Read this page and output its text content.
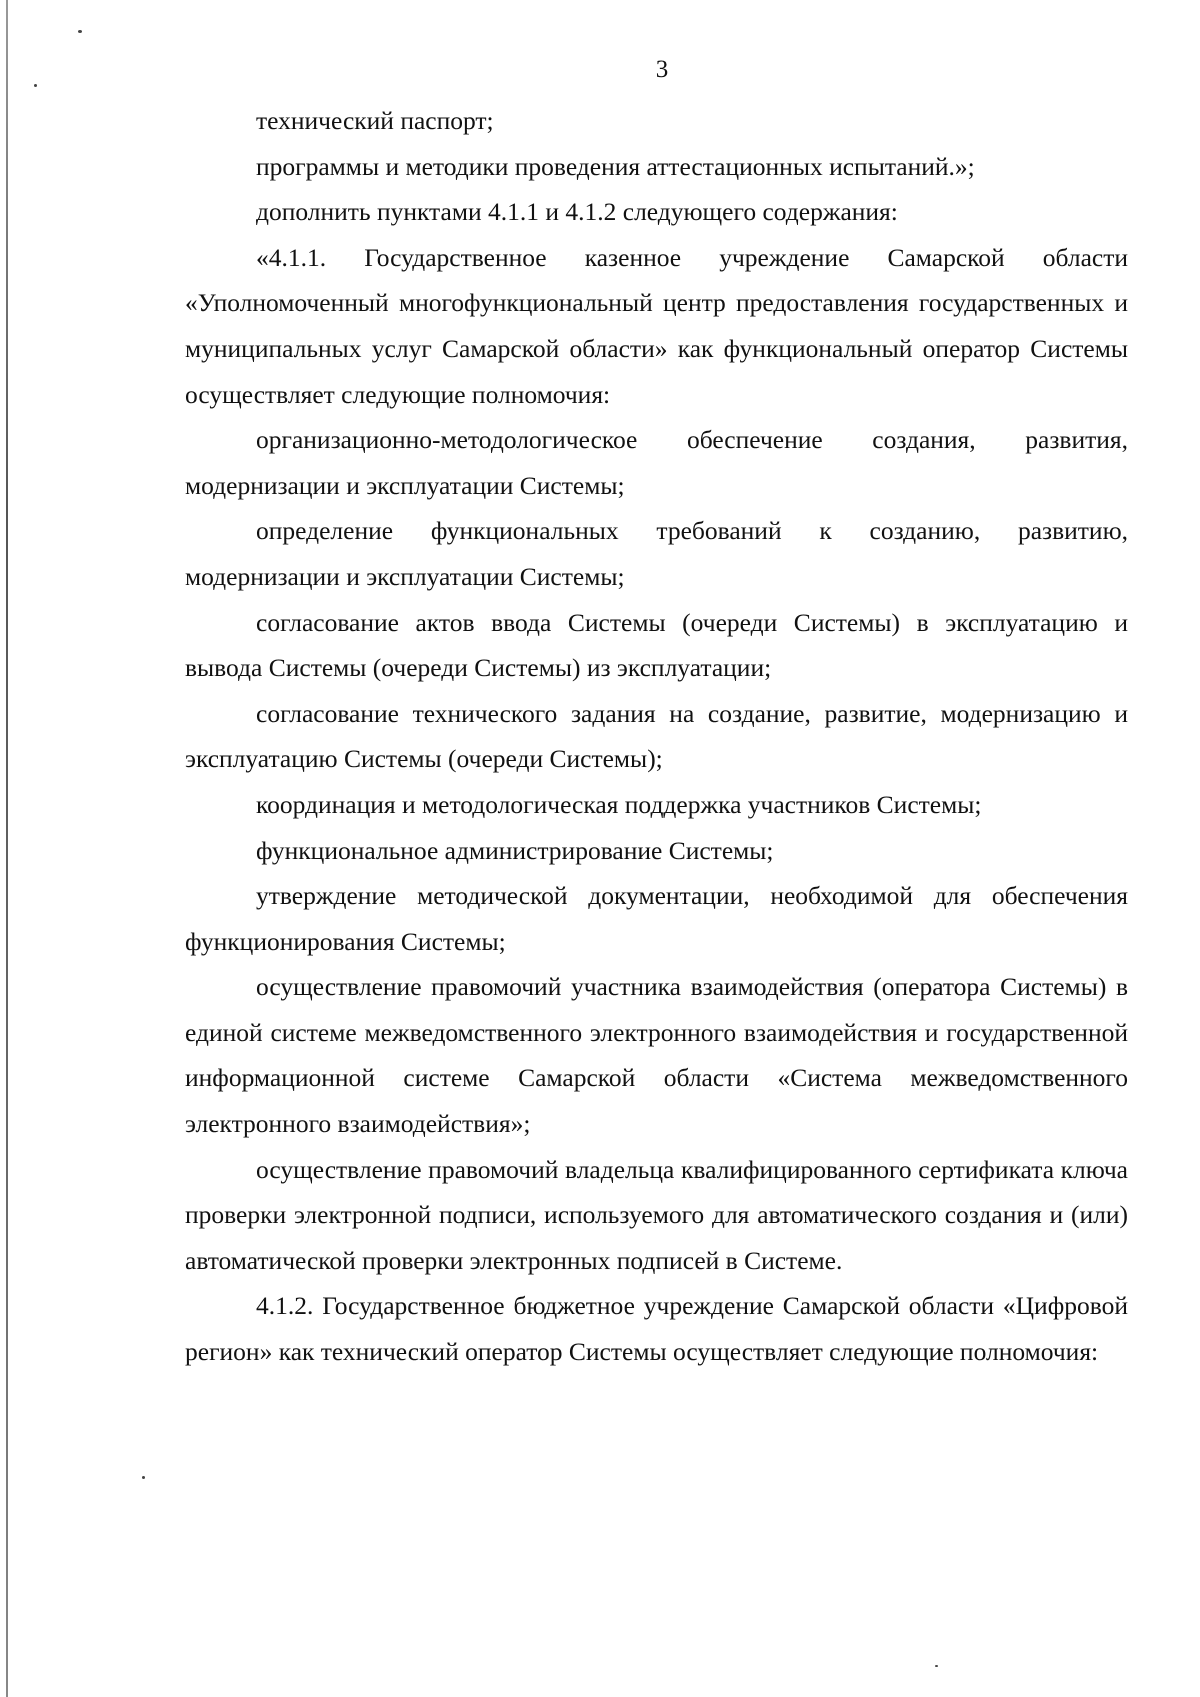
3

технический паспорт;

программы и методики проведения аттестационных испытаний.»;

дополнить пунктами 4.1.1 и 4.1.2 следующего содержания:

«4.1.1. Государственное казенное учреждение Самарской области «Уполномоченный многофункциональный центр предоставления государственных и муниципальных услуг Самарской области» как функциональный оператор Системы осуществляет следующие полномочия:

организационно-методологическое обеспечение создания, развития, модернизации и эксплуатации Системы;

определение функциональных требований к созданию, развитию, модернизации и эксплуатации Системы;

согласование актов ввода Системы (очереди Системы) в эксплуатацию и вывода Системы (очереди Системы) из эксплуатации;

согласование технического задания на создание, развитие, модернизацию и эксплуатацию Системы (очереди Системы);

координация и методологическая поддержка участников Системы;

функциональное администрирование Системы;

утверждение методической документации, необходимой для обеспечения функционирования Системы;

осуществление правомочий участника взаимодействия (оператора Системы) в единой системе межведомственного электронного взаимодействия и государственной информационной системе Самарской области «Система межведомственного электронного взаимодействия»;

осуществление правомочий владельца квалифицированного сертификата ключа проверки электронной подписи, используемого для автоматического создания и (или) автоматической проверки электронных подписей в Системе.

4.1.2. Государственное бюджетное учреждение Самарской области «Цифровой регион» как технический оператор Системы осуществляет следующие полномочия:
